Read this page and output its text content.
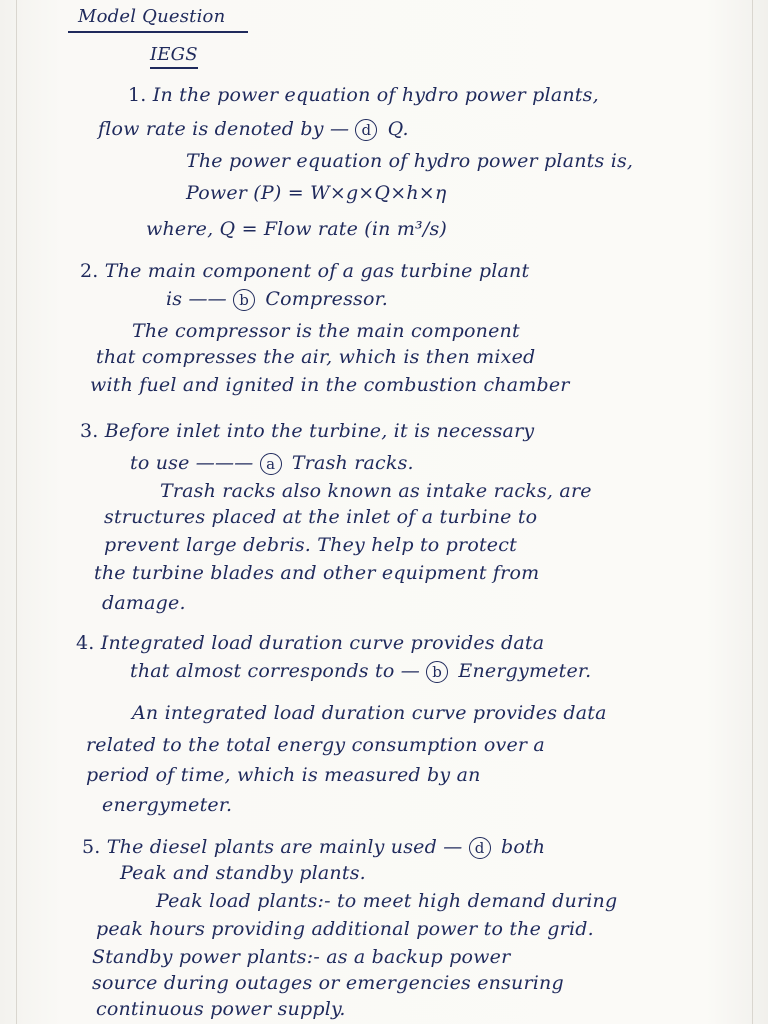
Model Question
IEGS
1. In the power equation of hydro power plants,
flow rate is denoted by — d Q.
The power equation of hydro power plants is,
Power (P) = W×g×Q×h×η
where, Q = Flow rate (in m³/s)
2. The main component of a gas turbine plant
is —— b Compressor.
The compressor is the main component
that compresses the air, which is then mixed
with fuel and ignited in the combustion chamber
3. Before inlet into the turbine, it is necessary
to use ——— a Trash racks.
Trash racks also known as intake racks, are
structures placed at the inlet of a turbine to
prevent large debris. They help to protect
the turbine blades and other equipment from
damage.
4. Integrated load duration curve provides data
that almost corresponds to — b Energymeter.
An integrated load duration curve provides data
related to the total energy consumption over a
period of time, which is measured by an
energymeter.
5. The diesel plants are mainly used — d both
Peak and standby plants.
Peak load plants:- to meet high demand during
peak hours providing additional power to the grid.
Standby power plants:- as a backup power
source during outages or emergencies ensuring
continuous power supply.
